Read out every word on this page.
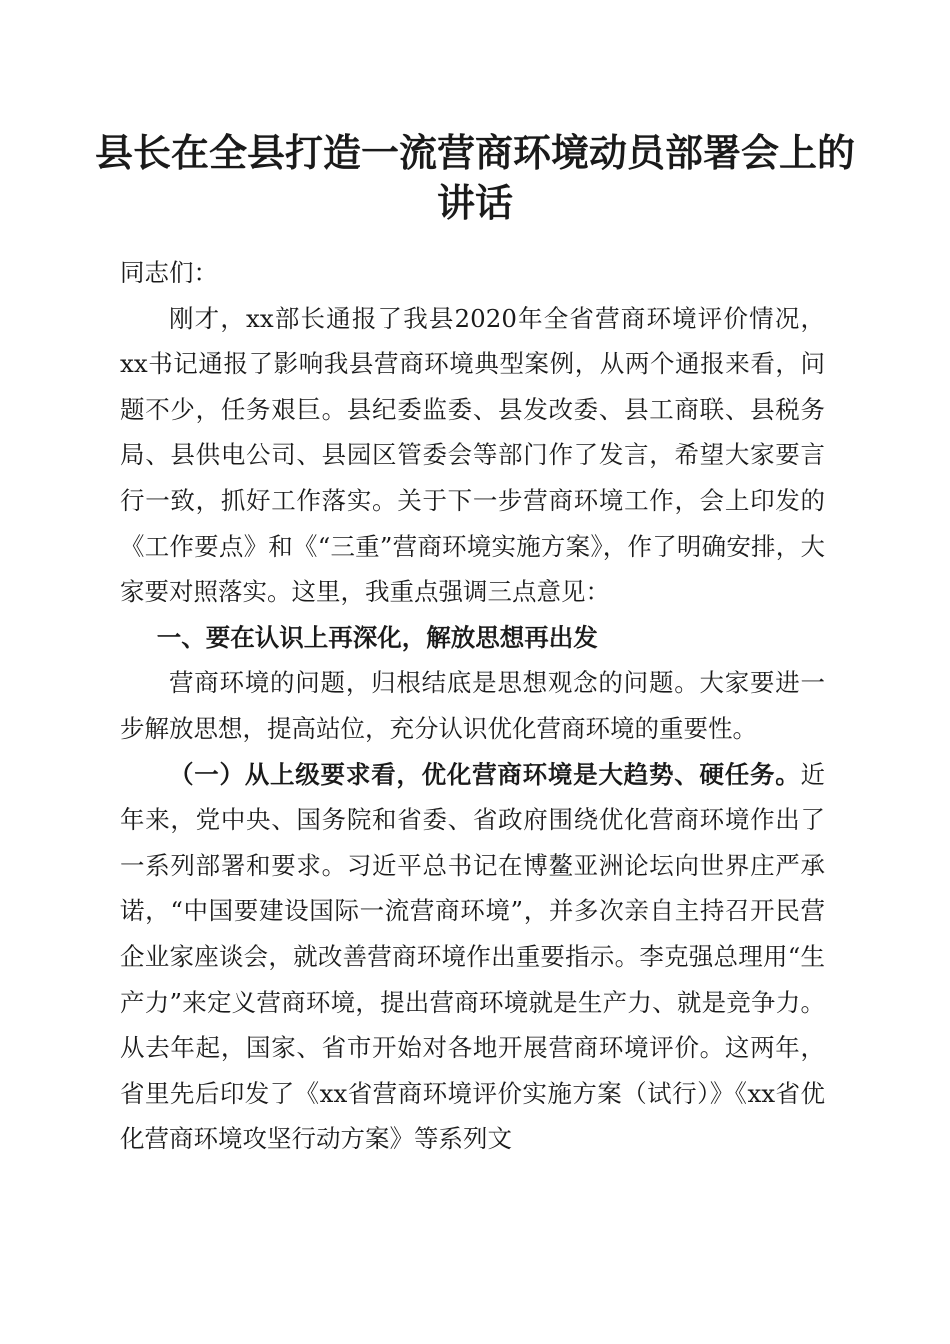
县长在全县打造一流营商环境动员部署会上的讲话

同志们：

刚才，xx部长通报了我县2020年全省营商环境评价情况，xx书记通报了影响我县营商环境典型案例，从两个通报来看，问题不少，任务艰巨。县纪委监委、县发改委、县工商联、县税务局、县供电公司、县园区管委会等部门作了发言，希望大家要言行一致，抓好工作落实。关于下一步营商环境工作，会上印发的《工作要点》和《“三重”营商环境实施方案》，作了明确安排，大家要对照落实。这里，我重点强调三点意见：

一、要在认识上再深化，解放思想再出发

营商环境的问题，归根结底是思想观念的问题。大家要进一步解放思想，提高站位，充分认识优化营商环境的重要性。

（一）从上级要求看，优化营商环境是大趋势、硬任务。近年来，党中央、国务院和省委、省政府围绕优化营商环境作出了一系列部署和要求。习近平总书记在博鳌亚洲论坛向世界庄严承诺，“中国要建设国际一流营商环境”，并多次亲自主持召开民营企业家座谈会，就改善营商环境作出重要指示。李克强总理用“生产力”来定义营商环境，提出营商环境就是生产力、就是竞争力。从去年起，国家、省市开始对各地开展营商环境评价。这两年，省里先后印发了《xx省营商环境评价实施方案（试行）》《xx省优化营商环境攻坚行动方案》等系列文
